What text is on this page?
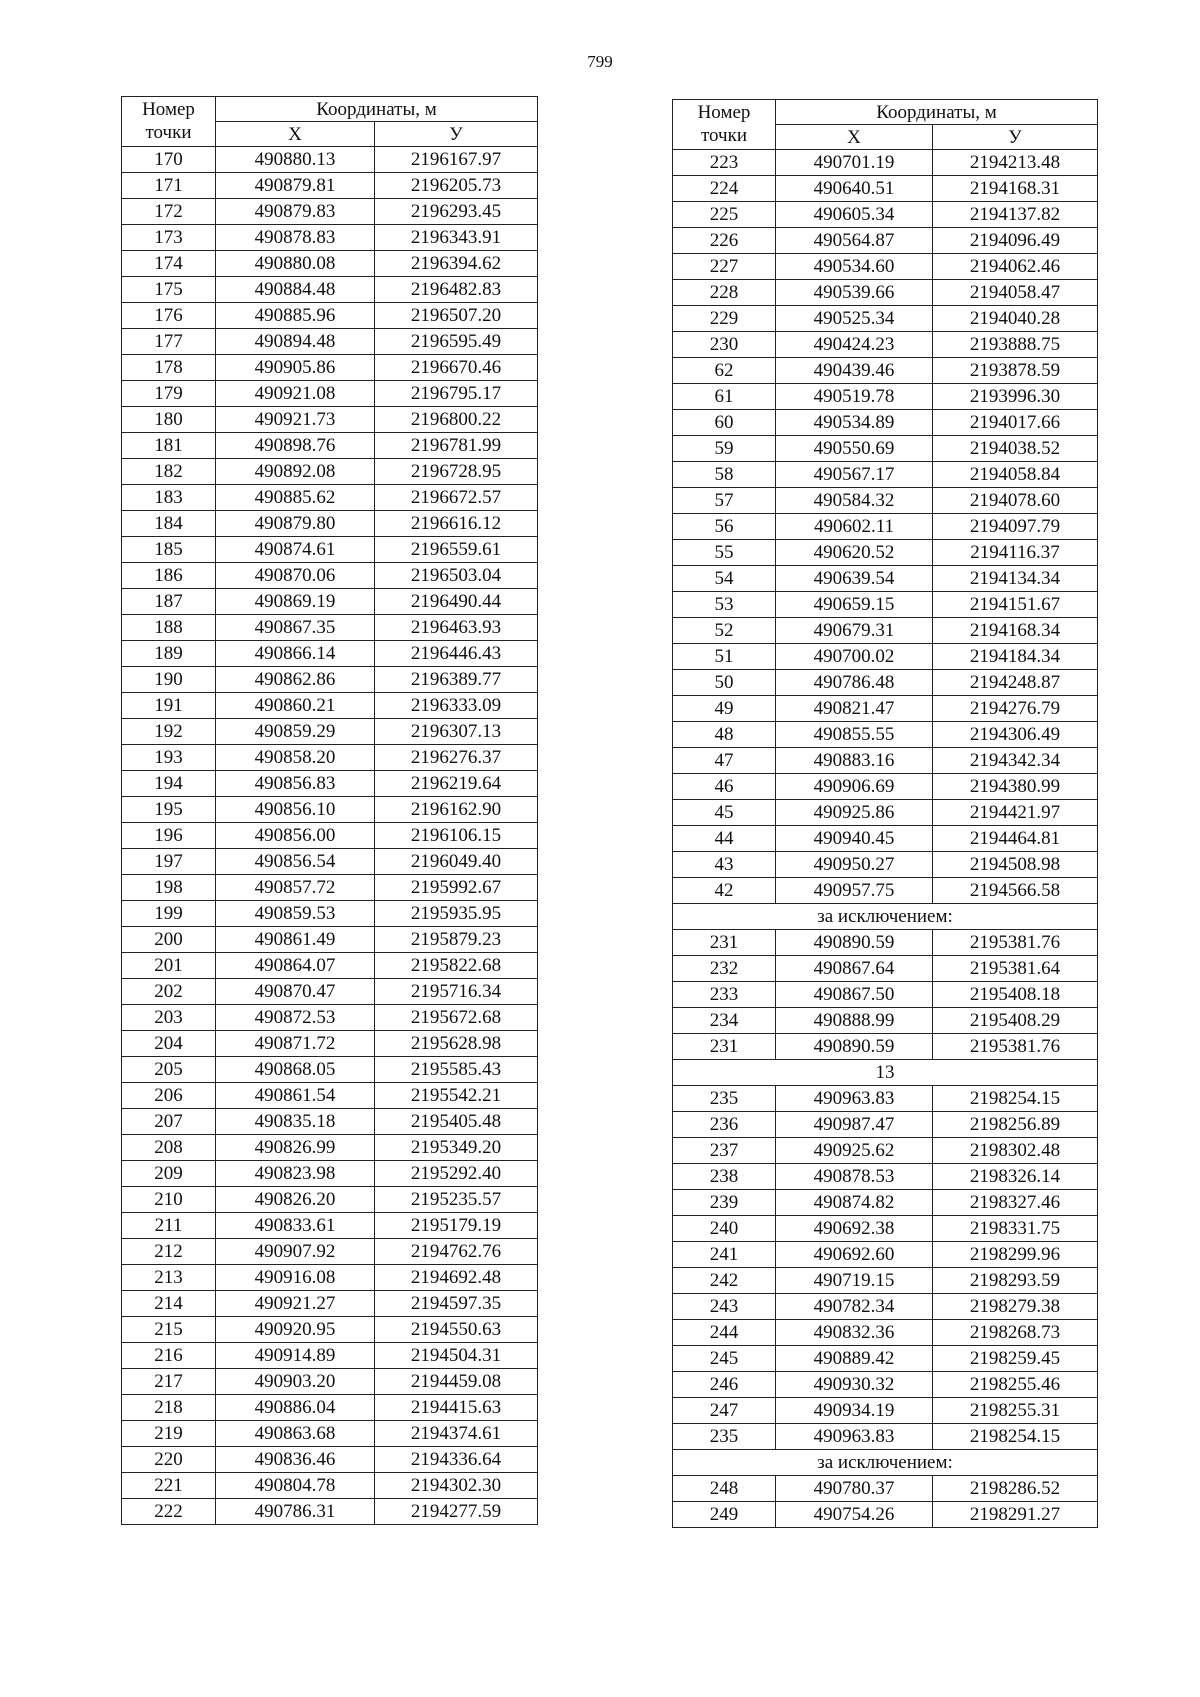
799
Номер точки	Координаты, м	
	X	У
170	490880.13	2196167.97
171	490879.81	2196205.73
172	490879.83	2196293.45
173	490878.83	2196343.91
174	490880.08	2196394.62
175	490884.48	2196482.83
176	490885.96	2196507.20
177	490894.48	2196595.49
178	490905.86	2196670.46
179	490921.08	2196795.17
180	490921.73	2196800.22
181	490898.76	2196781.99
182	490892.08	2196728.95
183	490885.62	2196672.57
184	490879.80	2196616.12
185	490874.61	2196559.61
186	490870.06	2196503.04
187	490869.19	2196490.44
188	490867.35	2196463.93
189	490866.14	2196446.43
190	490862.86	2196389.77
191	490860.21	2196333.09
192	490859.29	2196307.13
193	490858.20	2196276.37
194	490856.83	2196219.64
195	490856.10	2196162.90
196	490856.00	2196106.15
197	490856.54	2196049.40
198	490857.72	2195992.67
199	490859.53	2195935.95
200	490861.49	2195879.23
201	490864.07	2195822.68
202	490870.47	2195716.34
203	490872.53	2195672.68
204	490871.72	2195628.98
205	490868.05	2195585.43
206	490861.54	2195542.21
207	490835.18	2195405.48
208	490826.99	2195349.20
209	490823.98	2195292.40
210	490826.20	2195235.57
211	490833.61	2195179.19
212	490907.92	2194762.76
213	490916.08	2194692.48
214	490921.27	2194597.35
215	490920.95	2194550.63
216	490914.89	2194504.31
217	490903.20	2194459.08
218	490886.04	2194415.63
219	490863.68	2194374.61
220	490836.46	2194336.64
221	490804.78	2194302.30
222	490786.31	2194277.59
Номер точки	Координаты, м	
	X	У
223	490701.19	2194213.48
224	490640.51	2194168.31
225	490605.34	2194137.82
226	490564.87	2194096.49
227	490534.60	2194062.46
228	490539.66	2194058.47
229	490525.34	2194040.28
230	490424.23	2193888.75
62	490439.46	2193878.59
61	490519.78	2193996.30
60	490534.89	2194017.66
59	490550.69	2194038.52
58	490567.17	2194058.84
57	490584.32	2194078.60
56	490602.11	2194097.79
55	490620.52	2194116.37
54	490639.54	2194134.34
53	490659.15	2194151.67
52	490679.31	2194168.34
51	490700.02	2194184.34
50	490786.48	2194248.87
49	490821.47	2194276.79
48	490855.55	2194306.49
47	490883.16	2194342.34
46	490906.69	2194380.99
45	490925.86	2194421.97
44	490940.45	2194464.81
43	490950.27	2194508.98
42	490957.75	2194566.58
за исключением:		
231	490890.59	2195381.76
232	490867.64	2195381.64
233	490867.50	2195408.18
234	490888.99	2195408.29
231	490890.59	2195381.76
13		
235	490963.83	2198254.15
236	490987.47	2198256.89
237	490925.62	2198302.48
238	490878.53	2198326.14
239	490874.82	2198327.46
240	490692.38	2198331.75
241	490692.60	2198299.96
242	490719.15	2198293.59
243	490782.34	2198279.38
244	490832.36	2198268.73
245	490889.42	2198259.45
246	490930.32	2198255.46
247	490934.19	2198255.31
235	490963.83	2198254.15
за исключением:		
248	490780.37	2198286.52
249	490754.26	2198291.27
